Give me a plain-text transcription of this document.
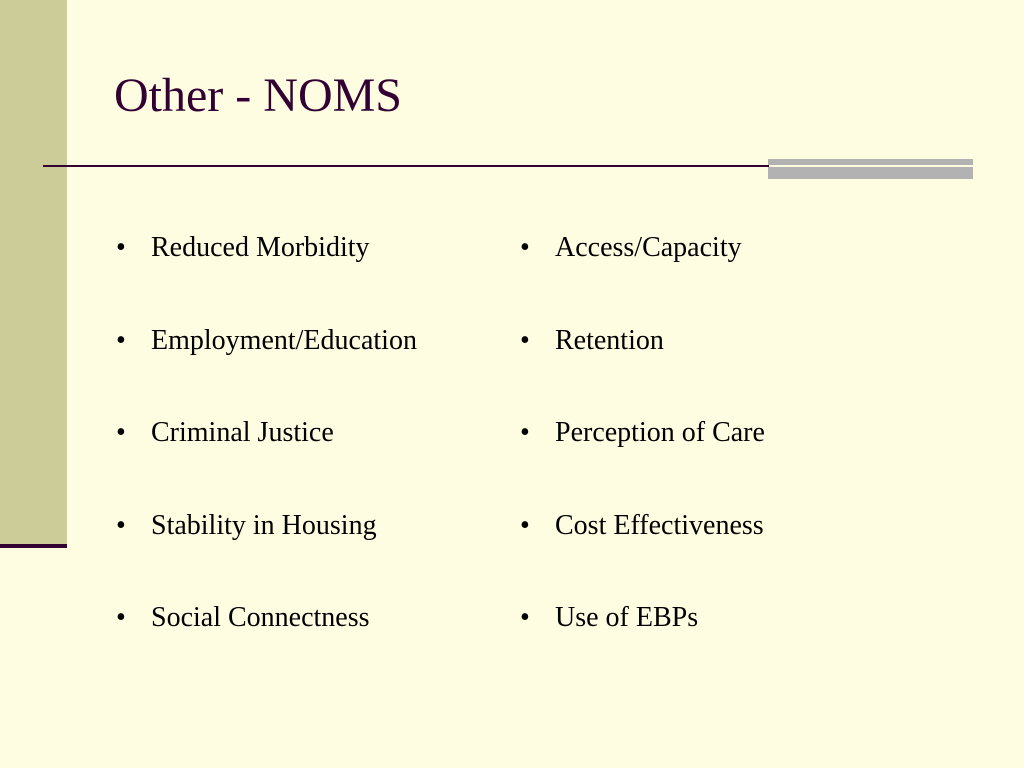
Other - NOMS
• Reduced Morbidity
• Employment/Education
• Criminal Justice
• Stability in Housing
• Social Connectness
• Access/Capacity
• Retention
• Perception of Care
• Cost Effectiveness
• Use of EBPs
